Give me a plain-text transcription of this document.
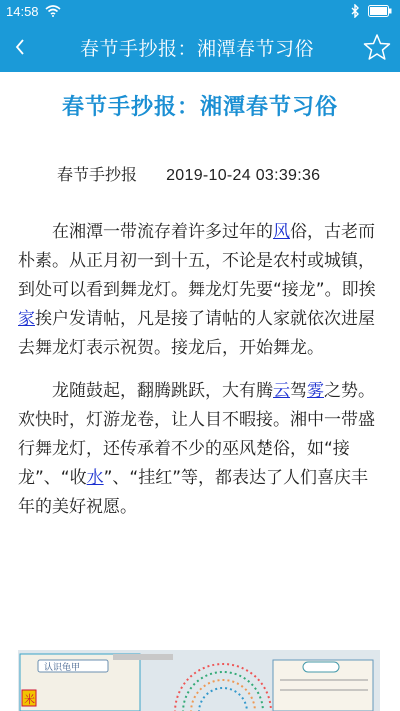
14:58
春节手抄报：湘潭春节习俗
春节手抄报：湘潭春节习俗
春节手抄报 2019-10-24 03:39:36

在湘潭一带流存着许多过年的风俗，古老而朴素。从正月初一到十五，不论是农村或城镇，到处可以看到舞龙灯。舞龙灯先要“接龙”。即挨家挨户发请帖，凡是接了请帖的人家就依次进屋去舞龙灯表示祝贺。接龙后，开始舞龙。

龙随鼓起，翻腾跳跃，大有腾云驾雾之势。欢快时，灯游龙卷，让人目不暇接。湘中一带盛行舞龙灯，还传承着不少的巫风楚俗，如“接龙”、“收水”、“挂红”等，都表达了人们喜庆丰年的美好祝愿。

认识龟甲
米
